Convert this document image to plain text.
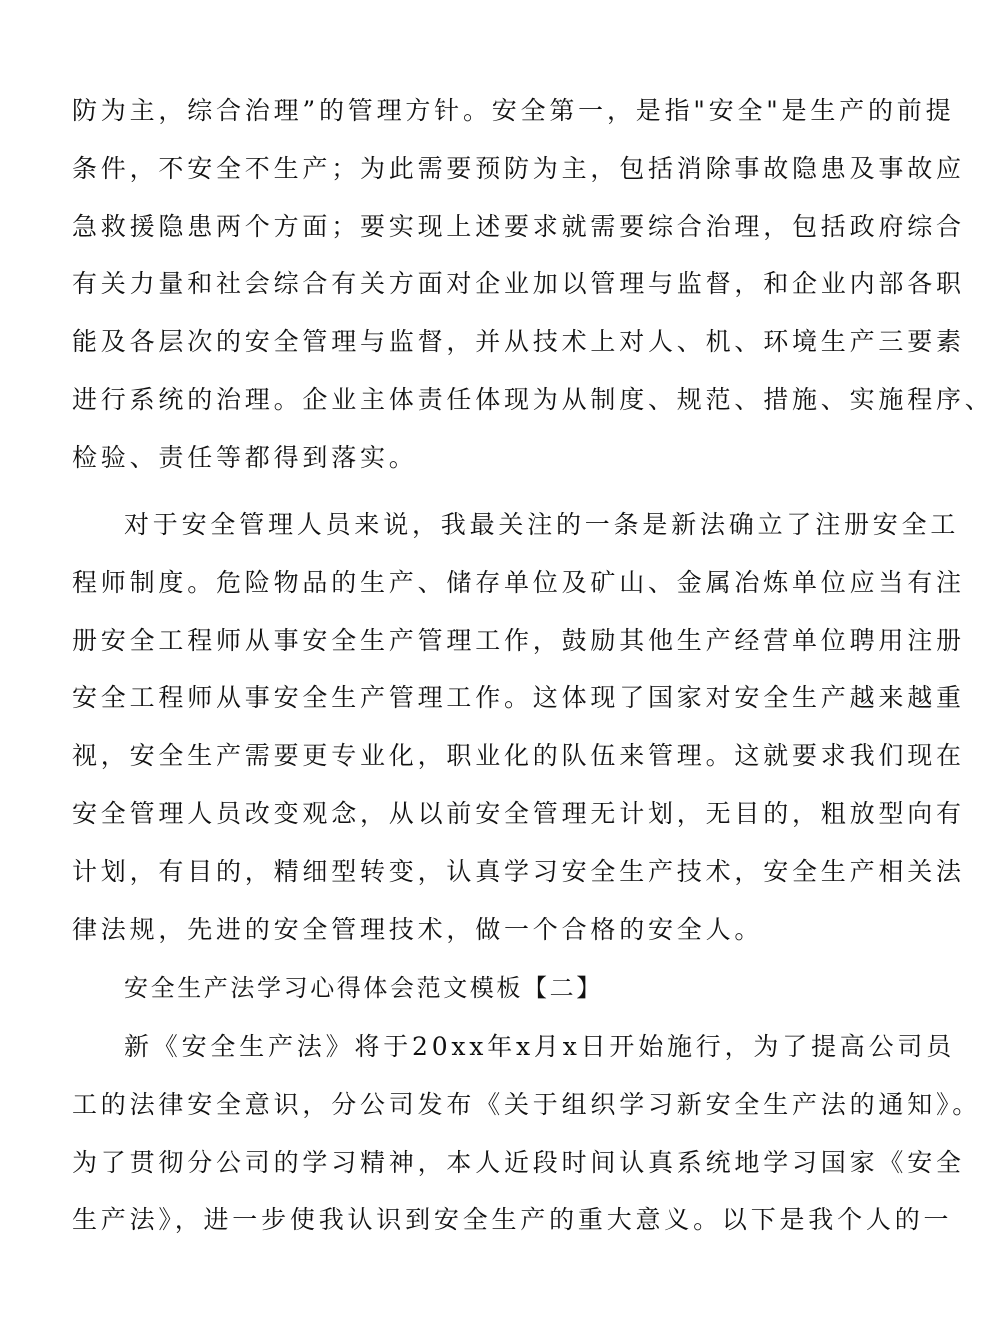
防为主，综合治理”的管理方针。安全第一，是指"安全"是生产的前提
条件，不安全不生产；为此需要预防为主，包括消除事故隐患及事故应
急救援隐患两个方面；要实现上述要求就需要综合治理，包括政府综合
有关力量和社会综合有关方面对企业加以管理与监督，和企业内部各职
能及各层次的安全管理与监督，并从技术上对人、机、环境生产三要素
进行系统的治理。企业主体责任体现为从制度、规范、措施、实施程序、
检验、责任等都得到落实。
对于安全管理人员来说，我最关注的一条是新法确立了注册安全工
程师制度。危险物品的生产、储存单位及矿山、金属冶炼单位应当有注
册安全工程师从事安全生产管理工作，鼓励其他生产经营单位聘用注册
安全工程师从事安全生产管理工作。这体现了国家对安全生产越来越重
视，安全生产需要更专业化，职业化的队伍来管理。这就要求我们现在
安全管理人员改变观念，从以前安全管理无计划，无目的，粗放型向有
计划，有目的，精细型转变，认真学习安全生产技术，安全生产相关法
律法规，先进的安全管理技术，做一个合格的安全人。
安全生产法学习心得体会范文模板【二】
新《安全生产法》将于20xx年x月x日开始施行，为了提高公司员
工的法律安全意识，分公司发布《关于组织学习新安全生产法的通知》。
为了贯彻分公司的学习精神，本人近段时间认真系统地学习国家《安全
生产法》，进一步使我认识到安全生产的重大意义。以下是我个人的一
